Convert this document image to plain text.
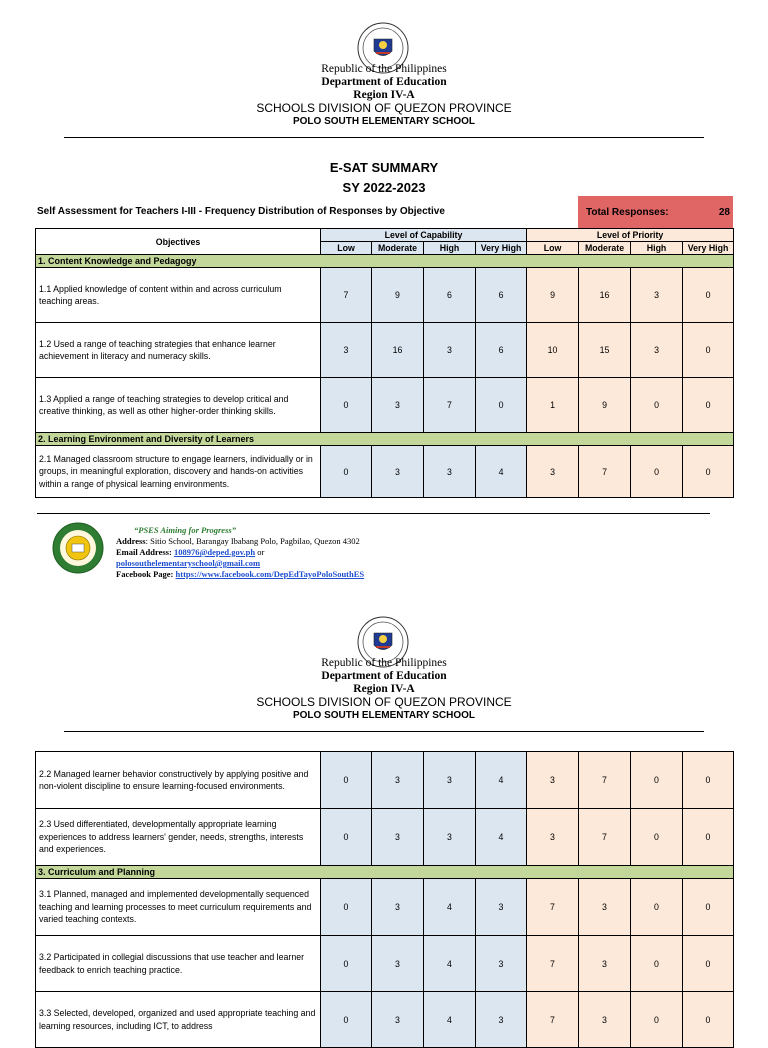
Republic of the Philippines
Department of Education
Region IV-A
SCHOOLS DIVISION OF QUEZON PROVINCE
POLO SOUTH ELEMENTARY SCHOOL
E-SAT SUMMARY
SY 2022-2023
Self Assessment for Teachers I-III - Frequency Distribution of Responses by Objective	Total Responses:	28
Objectives	Level of Capability				Level of Priority			
	Low	Moderate	High	Very High	Low	Moderate	High	Very High
1. Content Knowledge and Pedagogy								
1.1 Applied knowledge of content within and across curriculum teaching areas.	7	9	6	6	9	16	3	0
1.2 Used a range of teaching strategies that enhance learner achievement in literacy and numeracy skills.	3	16	3	6	10	15	3	0
1.3 Applied a range of teaching strategies to develop critical and creative thinking, as well as other higher-order thinking skills.	0	3	7	0	1	9	0	0
2. Learning Environment and Diversity of Learners								
2.1 Managed classroom structure to engage learners, individually or in groups, in meaningful exploration, discovery and hands-on activities within a range of physical learning environments.	0	3	3	4	3	7	0	0
“PSES Aiming for Progress”
Address: Sitio School, Barangay Ibabang Polo, Pagbilao, Quezon 4302
Email Address: 108976@deped.gov.ph or
polosouthelementaryschool@gmail.com
Facebook Page: https://www.facebook.com/DepEdTayoPoloSouthES
Republic of the Philippines
Department of Education
Region IV-A
SCHOOLS DIVISION OF QUEZON PROVINCE
POLO SOUTH ELEMENTARY SCHOOL
2.2 Managed learner behavior constructively by applying positive and non-violent discipline to ensure learning-focused environments.	0	3	3	4	3	7	0	0
2.3 Used differentiated, developmentally appropriate learning experiences to address learners' gender, needs, strengths, interests and experiences.	0	3	3	4	3	7	0	0
3. Curriculum and Planning								
3.1 Planned, managed and implemented developmentally sequenced teaching and learning processes to meet curriculum requirements and varied teaching contexts.	0	3	4	3	7	3	0	0
3.2 Participated in collegial discussions that use teacher and learner feedback to enrich teaching practice.	0	3	4	3	7	3	0	0
3.3 Selected, developed, organized and used appropriate teaching and learning resources, including ICT, to address	0	3	4	3	7	3	0	0
